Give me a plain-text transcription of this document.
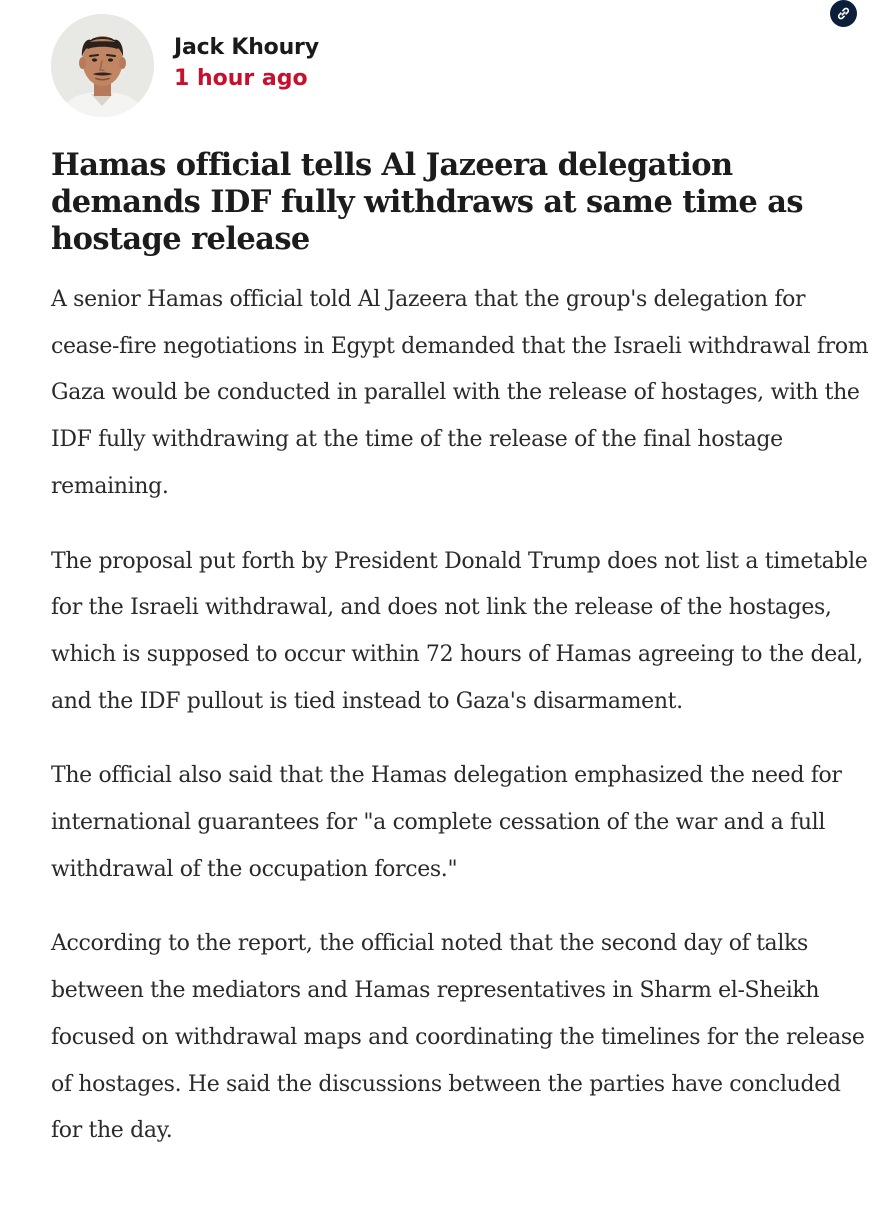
Jack Khoury
1 hour ago
Hamas official tells Al Jazeera delegation demands IDF fully withdraws at same time as hostage release

A senior Hamas official told Al Jazeera that the group's delegation for cease-fire negotiations in Egypt demanded that the Israeli withdrawal from Gaza would be conducted in parallel with the release of hostages, with the IDF fully withdrawing at the time of the release of the final hostage remaining.

The proposal put forth by President Donald Trump does not list a timetable for the Israeli withdrawal, and does not link the release of the hostages, which is supposed to occur within 72 hours of Hamas agreeing to the deal, and the IDF pullout is tied instead to Gaza's disarmament.

The official also said that the Hamas delegation emphasized the need for international guarantees for "a complete cessation of the war and a full withdrawal of the occupation forces."

According to the report, the official noted that the second day of talks between the mediators and Hamas representatives in Sharm el-Sheikh focused on withdrawal maps and coordinating the timelines for the release of hostages. He said the discussions between the parties have concluded for the day.
